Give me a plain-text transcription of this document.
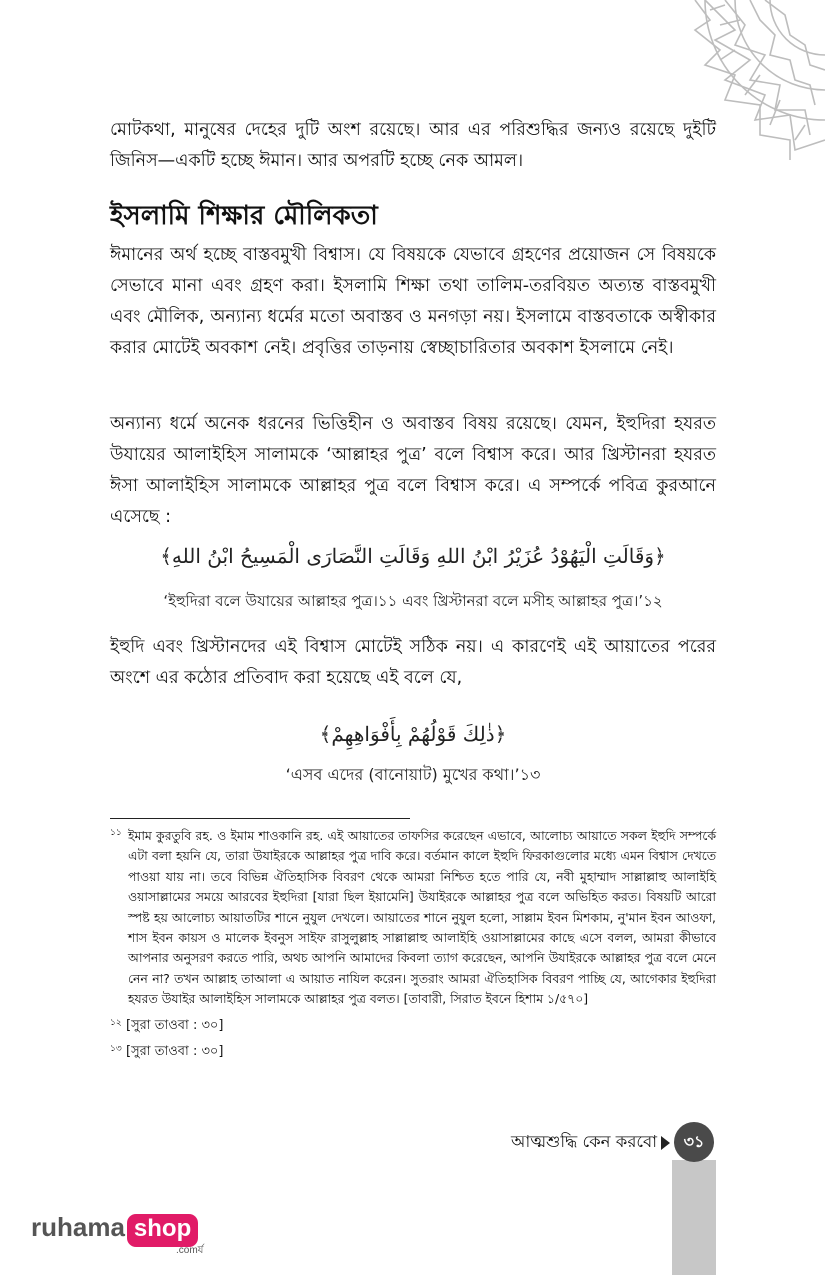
মোটকথা, মানুষের দেহের দুটি অংশ রয়েছে। আর এর পরিশুদ্ধির জন্যও রয়েছে দুইটি জিনিস—একটি হচ্ছে ঈমান। আর অপরটি হচ্ছে নেক আমল।

ইসলামি শিক্ষার মৌলিকতা

ঈমানের অর্থ হচ্ছে বাস্তবমুখী বিশ্বাস। যে বিষয়কে যেভাবে গ্রহণের প্রয়োজন সে বিষয়কে সেভাবে মানা এবং গ্রহণ করা। ইসলামি শিক্ষা তথা তালিম-তরবিয়ত অত্যন্ত বাস্তবমুখী এবং মৌলিক, অন্যান্য ধর্মের মতো অবাস্তব ও মনগড়া নয়। ইসলামে বাস্তবতাকে অস্বীকার করার মোটেই অবকাশ নেই। প্রবৃত্তির তাড়নায় স্বেচ্ছাচারিতার অবকাশ ইসলামে নেই।

অন্যান্য ধর্মে অনেক ধরনের ভিত্তিহীন ও অবাস্তব বিষয় রয়েছে। যেমন, ইহুদিরা হযরত উযায়ের আলাইহিস সালামকে ‘আল্লাহর পুত্র’ বলে বিশ্বাস করে। আর খ্রিস্টানরা হযরত ঈসা আলাইহিস সালামকে আল্লাহর পুত্র বলে বিশ্বাস করে। এ সম্পর্কে পবিত্র কুরআনে এসেছে :

﴿وَقَالَتِ الْيَهُوْدُ عُزَيْرُ ابْنُ اللهِ وَقَالَتِ النَّصَارَى الْمَسِيحُ ابْنُ اللهِ﴾
‘ইহুদিরা বলে উযায়ের আল্লাহর পুত্র।১১ এবং খ্রিস্টানরা বলে মসীহ আল্লাহর পুত্র।’১২

ইহুদি এবং খ্রিস্টানদের এই বিশ্বাস মোটেই সঠিক নয়। এ কারণেই এই আয়াতের পরের অংশে এর কঠোর প্রতিবাদ করা হয়েছে এই বলে যে,

﴿ذٰلِكَ قَوْلُهُمْ بِأَفْوَاهِهِمْ﴾
‘এসব এদের (বানোয়াট) মুখের কথা।’১৩
১১ ইমাম কুরতুবি রহ. ও ইমাম শাওকানি রহ. এই আয়াতের তাফসির করেছেন এভাবে, আলোচ্য আয়াতে সকল ইহুদি সম্পর্কে এটা বলা হয়নি যে, তারা উযাইরকে আল্লাহর পুত্র দাবি করে। বর্তমান কালে ইহুদি ফিরকাগুলোর মধ্যে এমন বিশ্বাস দেখতে পাওয়া যায় না। তবে বিভিন্ন ঐতিহাসিক বিবরণ থেকে আমরা নিশ্চিত হতে পারি যে, নবী মুহাম্মাদ সাল্লাল্লাহু আলাইহি ওয়াসাল্লামের সময়ে আরবের ইহুদিরা [যারা ছিল ইয়ামেনি] উযাইরকে আল্লাহর পুত্র বলে অভিহিত করত। বিষয়টি আরো স্পষ্ট হয় আলোচ্য আয়াতটির শানে নুযুল দেখলে। আয়াতের শানে নুযুল হলো, সাল্লাম ইবন মিশকাম, নু'মান ইবন আওফা, শাস ইবন কায়স ও মালেক ইবনুস সাইফ রাসুলুল্লাহ সাল্লাল্লাহু আলাইহি ওয়াসাল্লামের কাছে এসে বলল, আমরা কীভাবে আপনার অনুসরণ করতে পারি, অথচ আপনি আমাদের কিবলা ত্যাগ করেছেন, আপনি উযাইরকে আল্লাহর পুত্র বলে মেনে নেন না? তখন আল্লাহ তাআলা এ আয়াত নাযিল করেন। সুতরাং আমরা ঐতিহাসিক বিবরণ পাচ্ছি যে, আগেকার ইহুদিরা হযরত উযাইর আলাইহিস সালামকে আল্লাহর পুত্র বলত। [তাবারী, সিরাত ইবনে হিশাম ১/৫৭০]
১২ [সুরা তাওবা : ৩০]
১৩ [সুরা তাওবা : ৩০]
আত্মশুদ্ধি কেন করবো	৩১
ruhama shop
.comর্য
